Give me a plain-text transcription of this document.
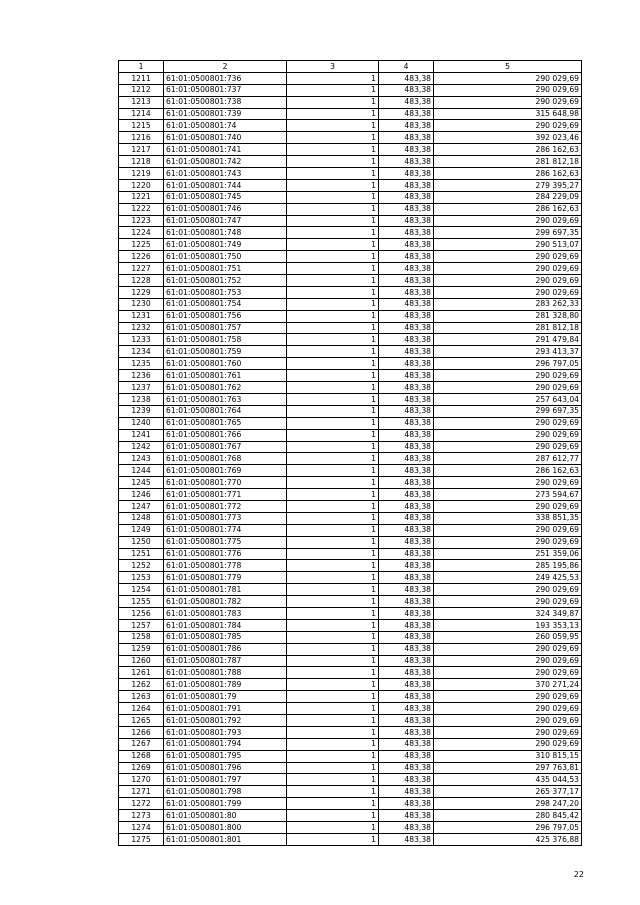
1	2	3	4	5
1211	61:01:0500801:736	1	483,38	290 029,69
1212	61:01:0500801:737	1	483,38	290 029,69
1213	61:01:0500801:738	1	483,38	290 029,69
1214	61:01:0500801:739	1	483,38	315 648,98
1215	61:01:0500801:74	1	483,38	290 029,69
1216	61:01:0500801:740	1	483,38	392 023,46
1217	61:01:0500801:741	1	483,38	286 162,63
1218	61:01:0500801:742	1	483,38	281 812,18
1219	61:01:0500801:743	1	483,38	286 162,63
1220	61:01:0500801:744	1	483,38	279 395,27
1221	61:01:0500801:745	1	483,38	284 229,09
1222	61:01:0500801:746	1	483,38	286 162,63
1223	61:01:0500801:747	1	483,38	290 029,69
1224	61:01:0500801:748	1	483,38	299 697,35
1225	61:01:0500801:749	1	483,38	290 513,07
1226	61:01:0500801:750	1	483,38	290 029,69
1227	61:01:0500801:751	1	483,38	290 029,69
1228	61:01:0500801:752	1	483,38	290 029,69
1229	61:01:0500801:753	1	483,38	290 029,69
1230	61:01:0500801:754	1	483,38	283 262,33
1231	61:01:0500801:756	1	483,38	281 328,80
1232	61:01:0500801:757	1	483,38	281 812,18
1233	61:01:0500801:758	1	483,38	291 479,84
1234	61:01:0500801:759	1	483,38	293 413,37
1235	61:01:0500801:760	1	483,38	296 797,05
1236	61:01:0500801:761	1	483,38	290 029,69
1237	61:01:0500801:762	1	483,38	290 029,69
1238	61:01:0500801:763	1	483,38	257 643,04
1239	61:01:0500801:764	1	483,38	299 697,35
1240	61:01:0500801:765	1	483,38	290 029,69
1241	61:01:0500801:766	1	483,38	290 029,69
1242	61:01:0500801:767	1	483,38	290 029,69
1243	61:01:0500801:768	1	483,38	287 612,77
1244	61:01:0500801:769	1	483,38	286 162,63
1245	61:01:0500801:770	1	483,38	290 029,69
1246	61:01:0500801:771	1	483,38	273 594,67
1247	61:01:0500801:772	1	483,38	290 029,69
1248	61:01:0500801:773	1	483,38	338 851,35
1249	61:01:0500801:774	1	483,38	290 029,69
1250	61:01:0500801:775	1	483,38	290 029,69
1251	61:01:0500801:776	1	483,38	251 359,06
1252	61:01:0500801:778	1	483,38	285 195,86
1253	61:01:0500801:779	1	483,38	249 425,53
1254	61:01:0500801:781	1	483,38	290 029,69
1255	61:01:0500801:782	1	483,38	290 029,69
1256	61:01:0500801:783	1	483,38	324 349,87
1257	61:01:0500801:784	1	483,38	193 353,13
1258	61:01:0500801:785	1	483,38	260 059,95
1259	61:01:0500801:786	1	483,38	290 029,69
1260	61:01:0500801:787	1	483,38	290 029,69
1261	61:01:0500801:788	1	483,38	290 029,69
1262	61:01:0500801:789	1	483,38	370 271,24
1263	61:01:0500801:79	1	483,38	290 029,69
1264	61:01:0500801:791	1	483,38	290 029,69
1265	61:01:0500801:792	1	483,38	290 029,69
1266	61:01:0500801:793	1	483,38	290 029,69
1267	61:01:0500801:794	1	483,38	290 029,69
1268	61:01:0500801:795	1	483,38	310 815,15
1269	61:01:0500801:796	1	483,38	297 763,81
1270	61:01:0500801:797	1	483,38	435 044,53
1271	61:01:0500801:798	1	483,38	265 377,17
1272	61:01:0500801:799	1	483,38	298 247,20
1273	61:01:0500801:80	1	483,38	280 845,42
1274	61:01:0500801:800	1	483,38	296 797,05
1275	61:01:0500801:801	1	483,38	425 376,88
22
